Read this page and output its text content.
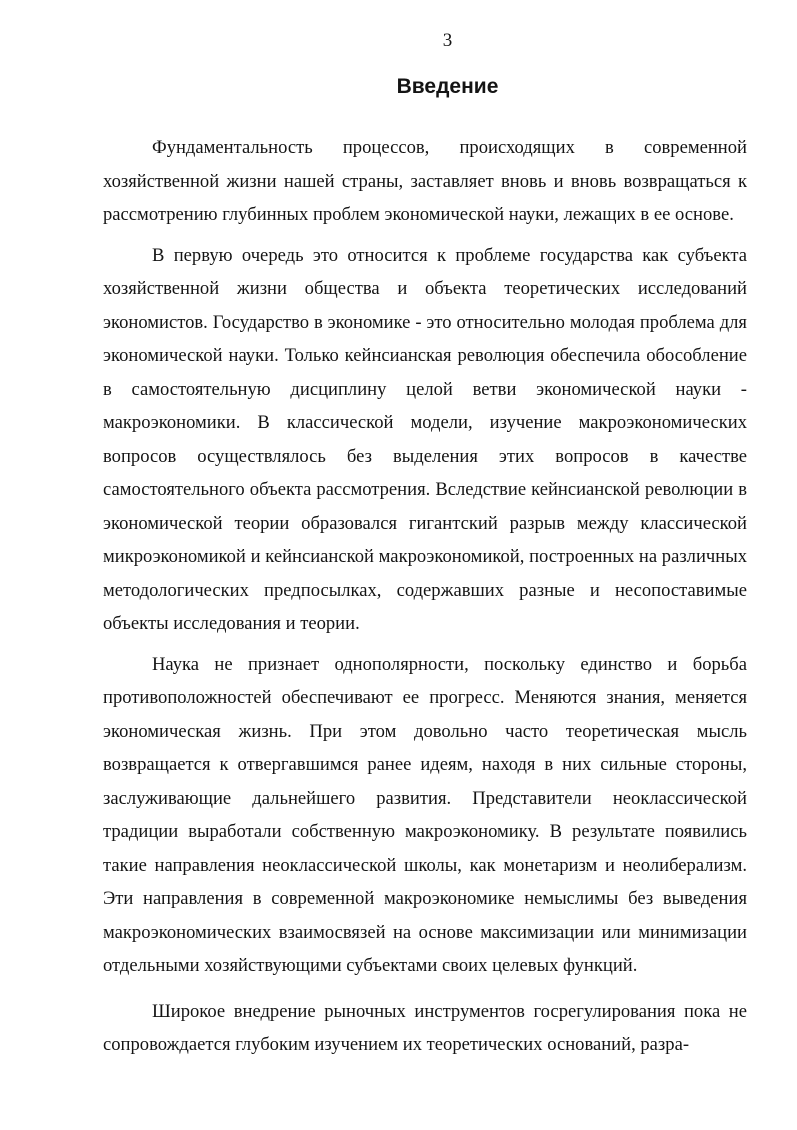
3
Введение

Фундаментальность процессов, происходящих в современной хозяйственной жизни нашей страны, заставляет вновь и вновь возвращаться к рассмотрению глубинных проблем экономической науки, лежащих в ее основе.

В первую очередь это относится к проблеме государства как субъекта хозяйственной жизни общества и объекта теоретических исследований экономистов. Государство в экономике - это относительно молодая проблема для экономической науки. Только кейнсианская революция обеспечила обособление в самостоятельную дисциплину целой ветви экономической науки - макроэкономики. В классической модели, изучение макроэкономических вопросов осуществлялось без выделения этих вопросов в качестве самостоятельного объекта рассмотрения. Вследствие кейнсианской революции в экономической теории образовался гигантский разрыв между классической микроэкономикой и кейнсианской макроэкономикой, построенных на различных методологических предпосылках, содержавших разные и несопоставимые объекты исследования и теории.

Наука не признает однополярности, поскольку единство и борьба противоположностей обеспечивают ее прогресс. Меняются знания, меняется экономическая жизнь. При этом довольно часто теоретическая мысль возвращается к отвергавшимся ранее идеям, находя в них сильные стороны, заслуживающие дальнейшего развития. Представители неоклассической традиции выработали собственную макроэкономику. В результате появились такие направления неоклассической школы, как монетаризм и неолиберализм. Эти направления в современной макроэкономике немыслимы без выведения макроэкономических взаимосвязей на основе максимизации или минимизации отдельными хозяйствующими субъектами своих целевых функций.

Широкое внедрение рыночных инструментов госрегулирования пока не сопровождается глубоким изучением их теоретических оснований, разра-
